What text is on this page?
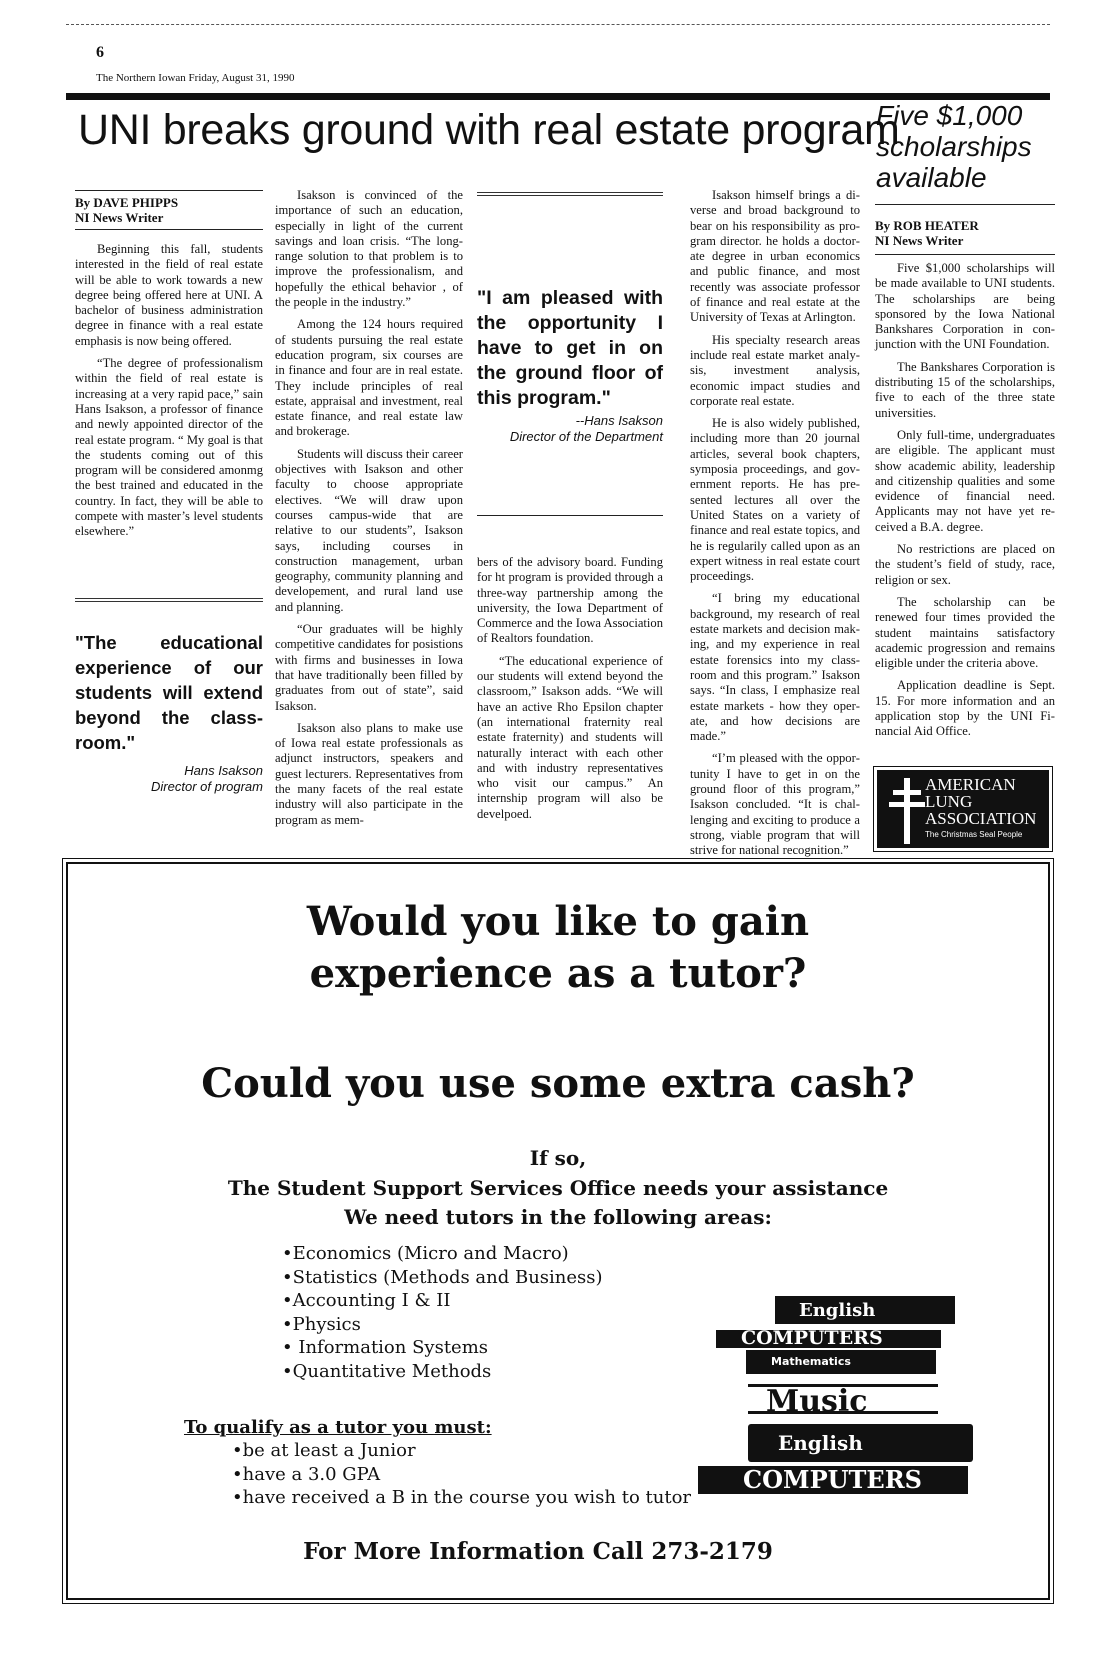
6
The Northern Iowan Friday, August 31, 1990
UNI breaks ground with real estate program
Five $1,000 scholarships available
By DAVE PHIPPS
NI News Writer

Beginning this fall, students interested in the field of real estate will be able to work towards a new degree being offered here at UNI. A bachelor of business administration degree in finance with a real estate emphasis is now being offered.

“The degree of professionalism within the field of real estate is increasing at a very rapid pace,” sain Hans Isakson, a professor of finance and newly appointed director of the real estate program. “ My goal is that the students coming out of this program will be considered amonmg the best trained and educated in the country. In fact, they will be able to compete with master’s level students elsewhere.”

"The educational experience of our students will extend beyond the classroom."
Hans Isakson
Director of program

Isakson is convinced of the importance of such an education, especially in light of the current savings and loan crisis. “The long-range solution to that problem is to improve the professionalism, and hopefully the ethical behavior , of the people in the industry.”

Among the 124 hours required of students pursuing the real estate education program, six courses are in finance and four are in real estate. They include principles of real estate, appraisal and investment, real estate finance, and real estate law and brokerage.

Students will discuss their career objectives with Isakson and other faculty to choose appropriate electives. “We will draw upon courses campus-wide that are relative to our students”, Isakson says, including courses in construction management, urban geography, community planning and developement, and rural land use and planning.

“Our graduates will be highly competitive candidates for posistions with firms and businesses in Iowa that have traditionally been filled by graduates from out of state”, said Isakson.

Isakson also plans to make use of Iowa real estate professionals as adjunct instructors, speakers and guest lecturers. Representatives from the many facets of the real estate industry will also participate in the program as mem-

"I am pleased with the opportunity I have to get in on the ground floor of this program."
--Hans Isakson
Director of the Department

bers of the advisory board. Funding for ht program is provided through a three-way partnership among the university, the Iowa Department of Commerce and the Iowa Association of Realtors foundation.

“The educational experience of our students will extend beyond the classroom,” Isakson adds. “We will have an active Rho Epsilon chapter (an international fraternity real estate fraternity) and students will naturally interact with each other and with industry representatives who visit our campus.” An internship program will also be develpoed.

Isakson himself brings a diverse and broad background to bear on his responsibility as program director. he holds a doctorate degree in urban economics and public finance, and most recently was associate professor of finance and real estate at the University of Texas at Arlington.

His specialty research areas include real estate market analysis, investment analysis, economic impact studies and corporate real estate.

He is also widely published, including more than 20 journal articles, several book chapters, symposia proceedings, and government reports. He has presented lectures all over the United States on a variety of finance and real estate topics, and he is regularily called upon as an expert witness in real estate court proceedings.

“I bring my educational background, my research of real estate markets and decision making, and my experience in real estate forensics into my classroom and this program.” Isakson says. “In class, I emphasize real estate markets - how they operate, and how decisions are made.”

“I’m pleased with the opportunity I have to get in on the ground floor of this program,” Isakson concluded. “It is challenging and exciting to produce a strong, viable program that will strive for national recognition.”

By ROB HEATER
NI News Writer

Five $1,000 scholarships will be made available to UNI students. The scholarships are being sponsored by the Iowa National Bankshares Corporation in conjunction with the UNI Foundation.

The Bankshares Corporation is distributing 15 of the scholarships, five to each of the three state universities.

Only full-time, undergraduates are eligible. The applicant must show academic ability, leadership and citizenship qualities and some evidence of financial need. Applicants may not have yet received a B.A. degree.

No restrictions are placed on the student’s field of study, race, religion or sex.

The scholarship can be renewed four times provided the student maintains satisfactory academic progression and remains eligible under the criteria above.

Application deadline is Sept. 15. For more information and an application stop by the UNI Financial Aid Office.

AMERICAN
LUNG
ASSOCIATION
The Christmas Seal People
Would you like to gain experience as a tutor?
Could you use some extra cash?
If so,
The Student Support Services Office needs your assistance
We need tutors in the following areas:
•Economics (Micro and Macro)
•Statistics (Methods and Business)
•Accounting I & II
•Physics
• Information Systems
•Quantitative Methods
To qualify as a tutor you must:
•be at least a Junior
•have a 3.0 GPA
•have received a B in the course you wish to tutor
For More Information Call 273-2179
English
COMPUTERS
Mathematics
Music
English
COMPUTERS
